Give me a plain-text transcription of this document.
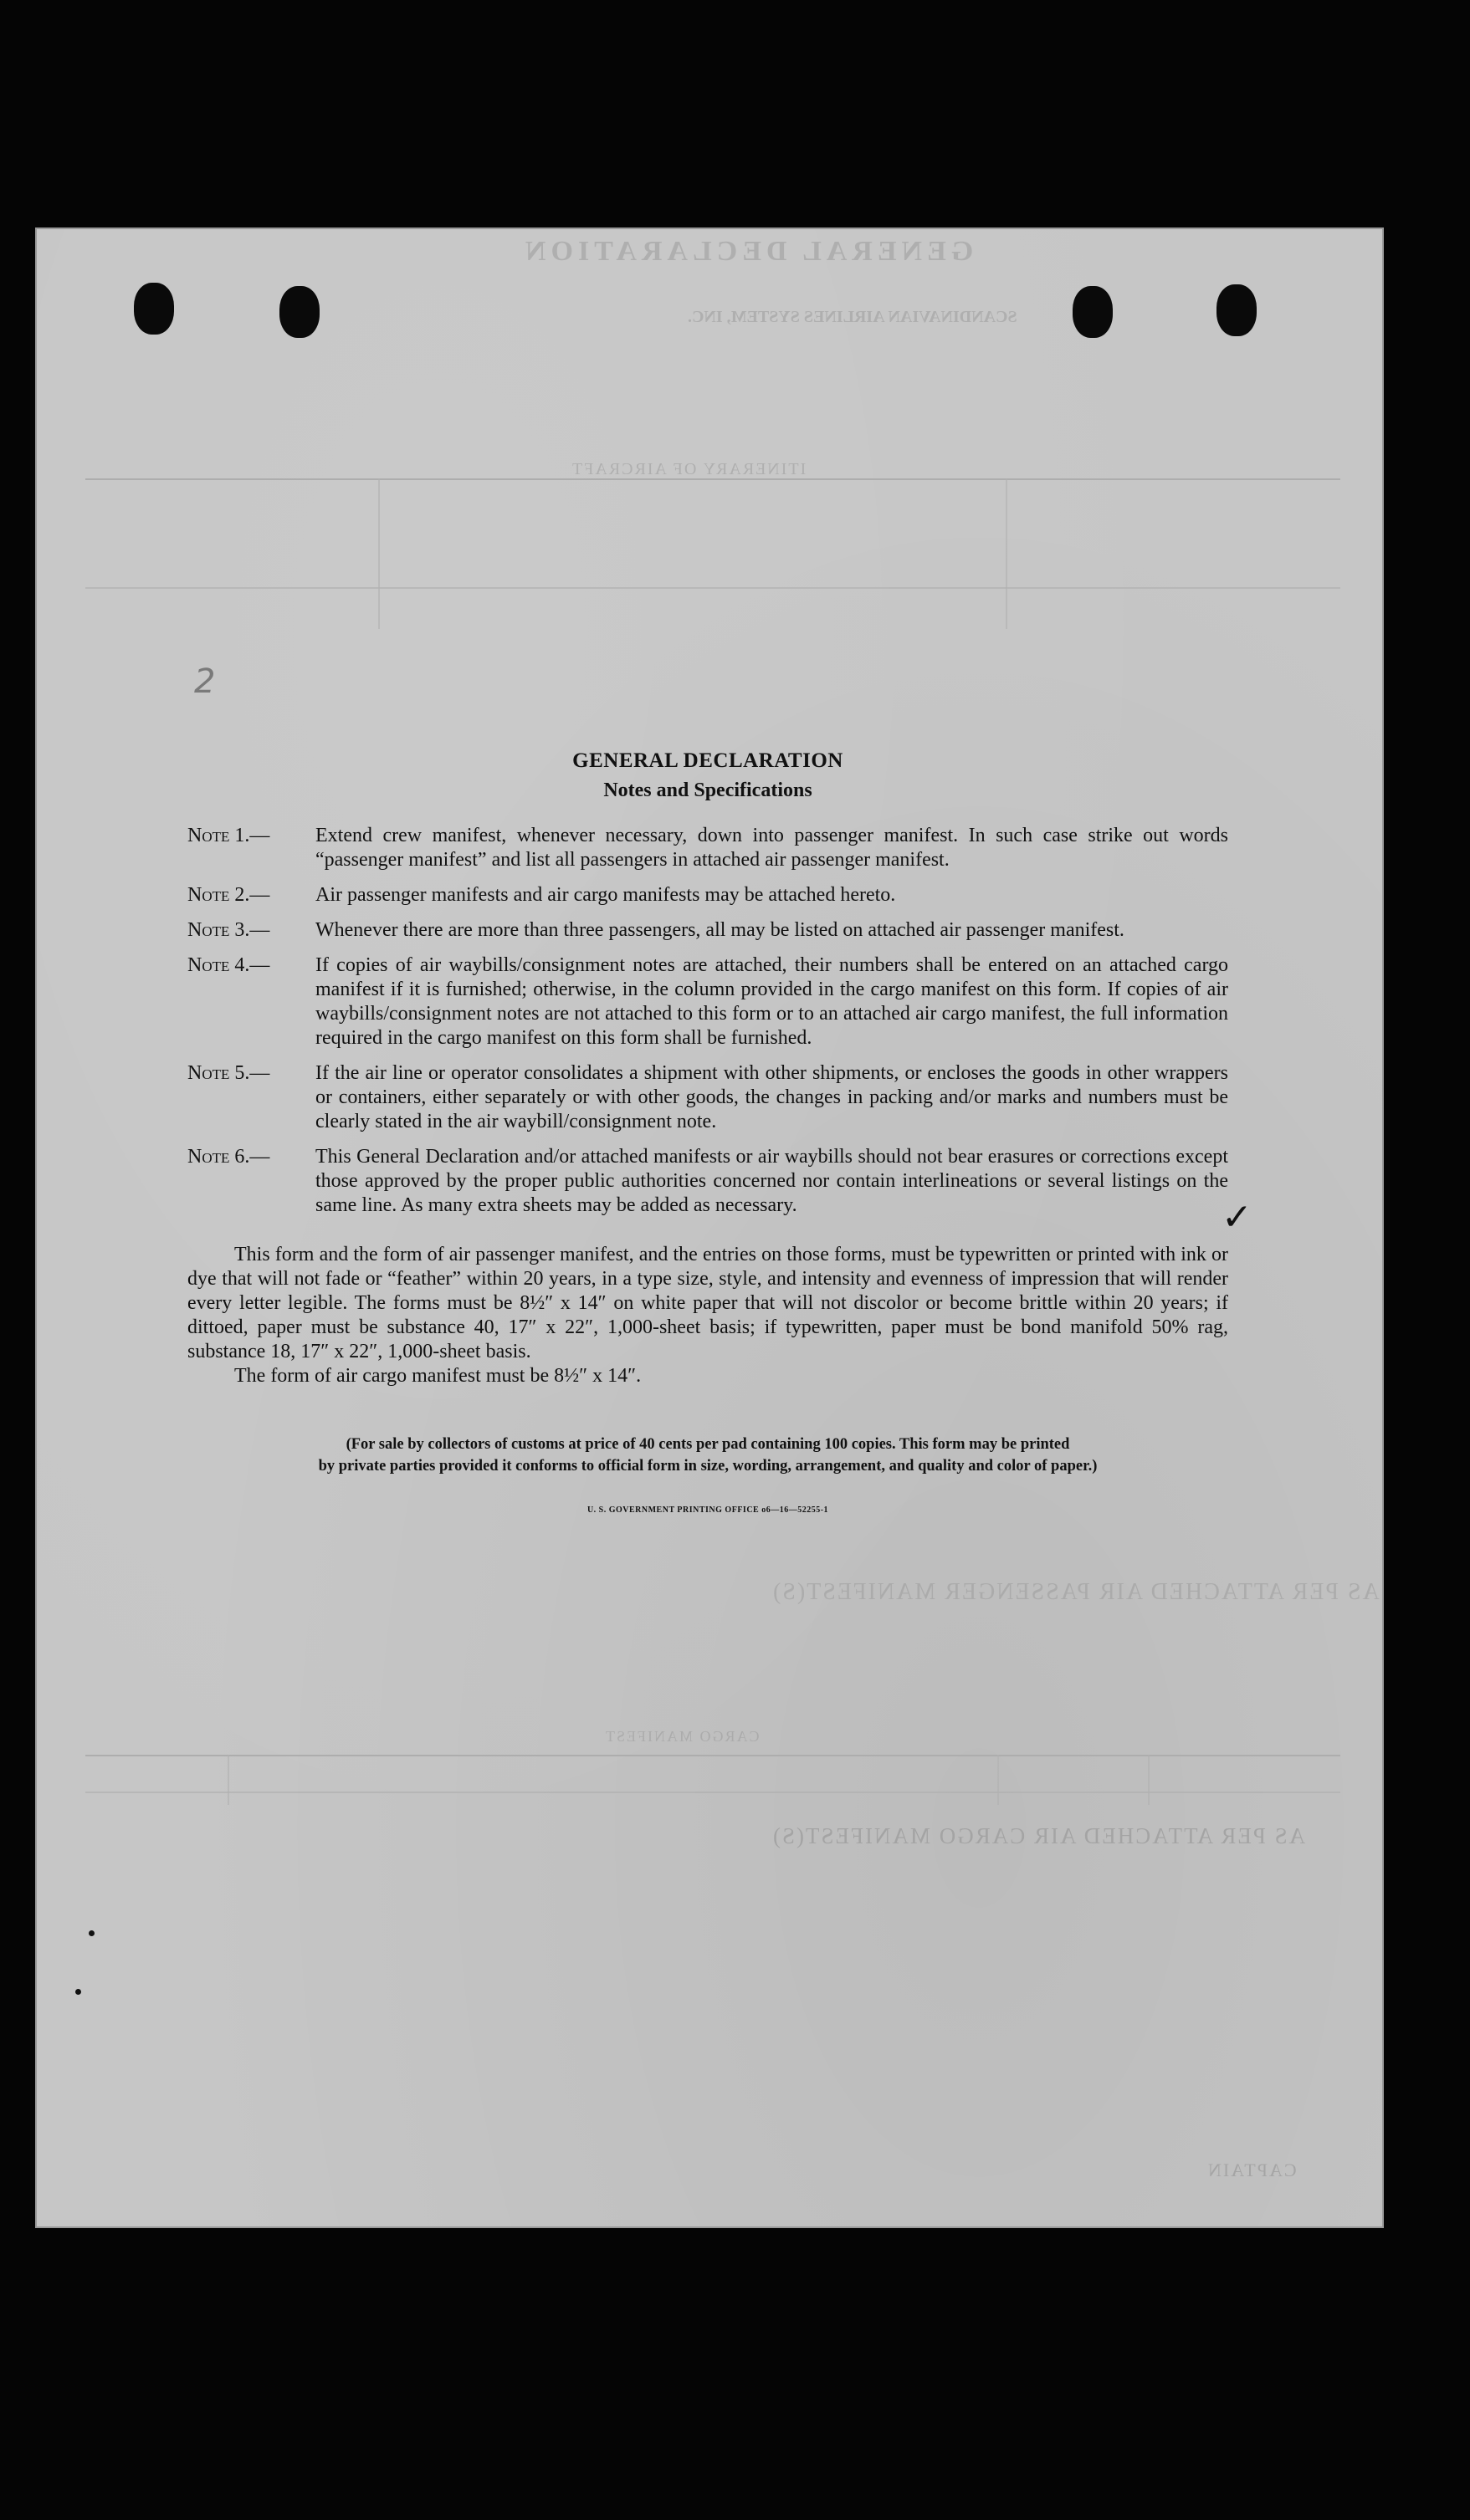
GENERAL DECLARATION
SCANDINAVIAN AIRLINES SYSTEM, INC.
ITINERARY OF AIRCRAFT
AS PER ATTACHED AIR PASSENGER MANIFEST(S)
CARGO MANIFEST
AS PER ATTACHED AIR CARGO MANIFEST(S)
CAPTAIN
2
✓
GENERAL DECLARATION
Notes and Specifications
Note 1.—	Extend crew manifest, whenever necessary, down into passenger manifest. In such case strike out words “passenger manifest” and list all passengers in attached air passenger manifest.
Note 2.—	Air passenger manifests and air cargo manifests may be attached hereto.
Note 3.—	Whenever there are more than three passengers, all may be listed on attached air passenger manifest.
Note 4.—	If copies of air waybills/consignment notes are attached, their numbers shall be entered on an attached cargo manifest if it is furnished; otherwise, in the column provided in the cargo manifest on this form. If copies of air waybills/consignment notes are not attached to this form or to an attached air cargo manifest, the full information required in the cargo manifest on this form shall be furnished.
Note 5.—	If the air line or operator consolidates a shipment with other shipments, or encloses the goods in other wrappers or containers, either separately or with other goods, the changes in packing and/or marks and numbers must be clearly stated in the air waybill/consignment note.
Note 6.—	This General Declaration and/or attached manifests or air waybills should not bear erasures or corrections except those approved by the proper public authorities concerned nor contain interlineations or several listings on the same line. As many extra sheets may be added as necessary.
This form and the form of air passenger manifest, and the entries on those forms, must be typewritten or printed with ink or dye that will not fade or “feather” within 20 years, in a type size, style, and intensity and evenness of impression that will render every letter legible. The forms must be 8½″ x 14″ on white paper that will not discolor or become brittle within 20 years; if dittoed, paper must be substance 40, 17″ x 22″, 1,000-sheet basis; if typewritten, paper must be bond manifold 50% rag, substance 18, 17″ x 22″, 1,000-sheet basis.
The form of air cargo manifest must be 8½″ x 14″.
(For sale by collectors of customs at price of 40 cents per pad containing 100 copies. This form may be printed
by private parties provided it conforms to official form in size, wording, arrangement, and quality and color of paper.)
U. S. GOVERNMENT PRINTING OFFICE o6—16—52255-1
